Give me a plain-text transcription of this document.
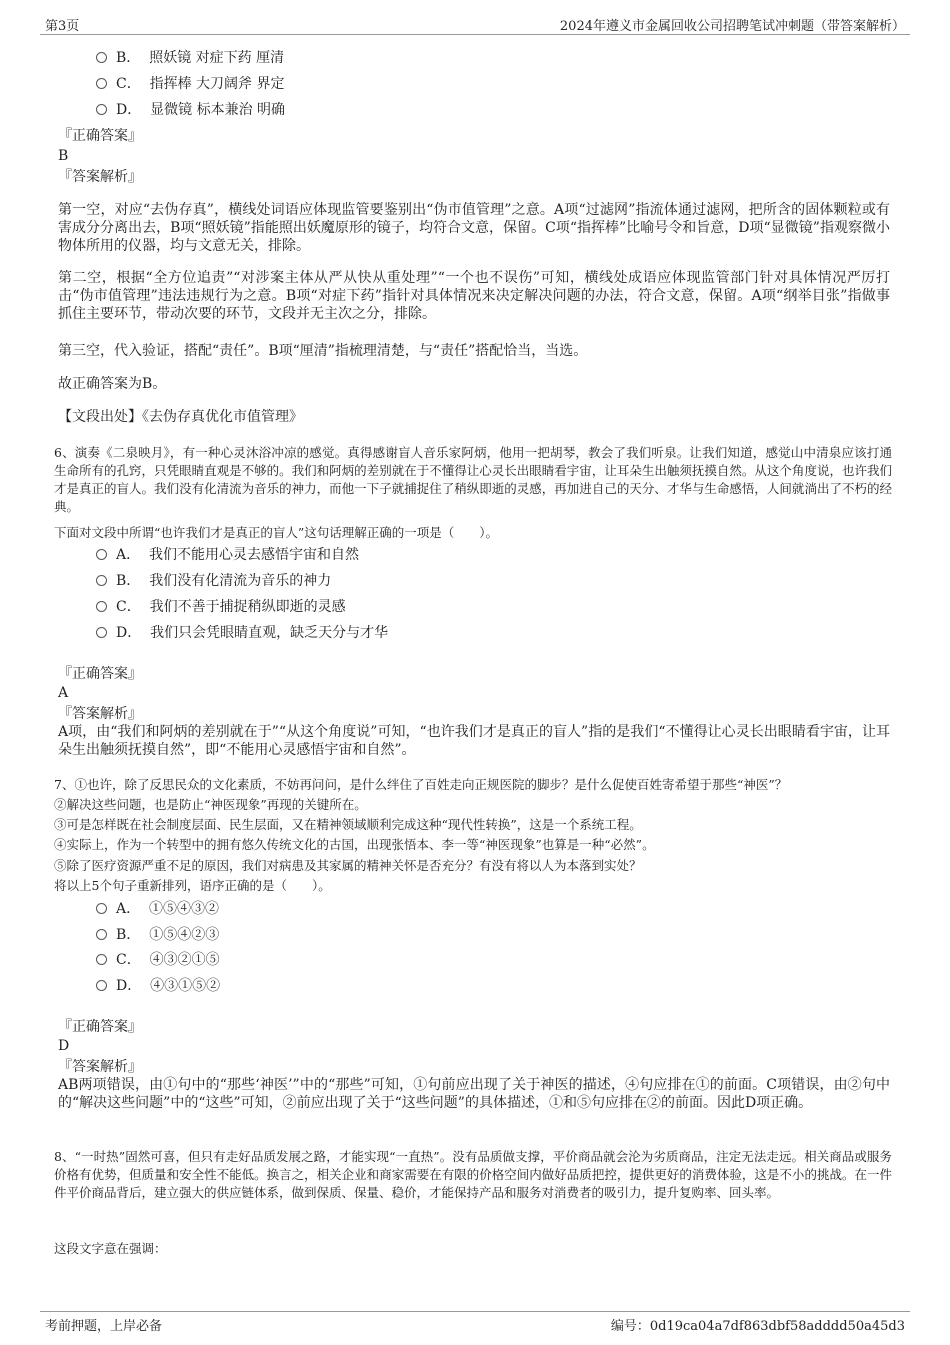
第3页	2024年遵义市金属回收公司招聘笔试冲刺题（带答案解析）
B．  照妖镜 对症下药 厘清
C．  指挥棒 大刀阔斧 界定
D．  显微镜 标本兼治 明确
『正确答案』
B
『答案解析』

第一空，对应“去伪存真”，横线处词语应体现监管要鉴别出“伪市值管理”之意。A项“过滤网”指流体通过滤网，把所含的固体颗粒或有害成分分离出去，B项“照妖镜”指能照出妖魔原形的镜子，均符合文意，保留。C项“指挥棒”比喻号令和旨意，D项“显微镜”指观察微小物体所用的仪器，均与文意无关，排除。

第二空，根据“全方位追责”“对涉案主体从严从快从重处理”“一个也不误伤”可知，横线处成语应体现监管部门针对具体情况严厉打击“伪市值管理”违法违规行为之意。B项“对症下药”指针对具体情况来决定解决问题的办法，符合文意，保留。A项“纲举目张”指做事抓住主要环节，带动次要的环节，文段并无主次之分，排除。

第三空，代入验证，搭配“责任”。B项“厘清”指梳理清楚，与“责任”搭配恰当，当选。

故正确答案为B。

【文段出处】《去伪存真优化市值管理》

6、演奏《二泉映月》，有一种心灵沐浴冲凉的感觉。真得感谢盲人音乐家阿炳，他用一把胡琴，教会了我们听泉。让我们知道，感觉山中清泉应该打通生命所有的孔窍，只凭眼睛直观是不够的。我们和阿炳的差别就在于不懂得让心灵长出眼睛看宇宙，让耳朵生出触须抚摸自然。从这个角度说，也许我们才是真正的盲人。我们没有化清流为音乐的神力，而他一下子就捕捉住了稍纵即逝的灵感，再加进自己的天分、才华与生命感悟，人间就淌出了不朽的经典。

下面对文段中所谓“也许我们才是真正的盲人”这句话理解正确的一项是（　　）。
A．  我们不能用心灵去感悟宇宙和自然
B．  我们没有化清流为音乐的神力
C．  我们不善于捕捉稍纵即逝的灵感
D．  我们只会凭眼睛直观，缺乏天分与才华
『正确答案』
A
『答案解析』

A项，由“我们和阿炳的差别就在于”“从这个角度说”可知，“也许我们才是真正的盲人”指的是我们“不懂得让心灵长出眼睛看宇宙，让耳朵生出触须抚摸自然”，即“不能用心灵感悟宇宙和自然”。

7、①也许，除了反思民众的文化素质，不妨再问问，是什么绊住了百姓走向正规医院的脚步？是什么促使百姓寄希望于那些“神医”？
②解决这些问题，也是防止“神医现象”再现的关键所在。
③可是怎样既在社会制度层面、民生层面，又在精神领域顺利完成这种“现代性转换”，这是一个系统工程。
④实际上，作为一个转型中的拥有悠久传统文化的古国，出现张悟本、李一等“神医现象”也算是一种“必然”。
⑤除了医疗资源严重不足的原因，我们对病患及其家属的精神关怀是否充分？有没有将以人为本落到实处？
将以上5个句子重新排列，语序正确的是（　　）。
A．  ①⑤④③②
B．  ①⑤④②③
C．  ④③②①⑤
D．  ④③①⑤②
『正确答案』
D
『答案解析』

AB两项错误，由①句中的“那些‘神医’”中的“那些”可知，①句前应出现了关于神医的描述，④句应排在①的前面。C项错误，由②句中的“解决这些问题”中的“这些”可知，②前应出现了关于“这些问题”的具体描述，①和⑤句应排在②的前面。因此D项正确。

8、“一时热”固然可喜，但只有走好品质发展之路，才能实现“一直热”。没有品质做支撑，平价商品就会沦为劣质商品，注定无法走远。相关商品或服务价格有优势，但质量和安全性不能低。换言之，相关企业和商家需要在有限的价格空间内做好品质把控，提供更好的消费体验，这是不小的挑战。在一件件平价商品背后，建立强大的供应链体系，做到保质、保量、稳价，才能保持产品和服务对消费者的吸引力，提升复购率、回头率。

这段文字意在强调：
考前押题，上岸必备	编号：0d19ca04a7df863dbf58adddd50a45d3
